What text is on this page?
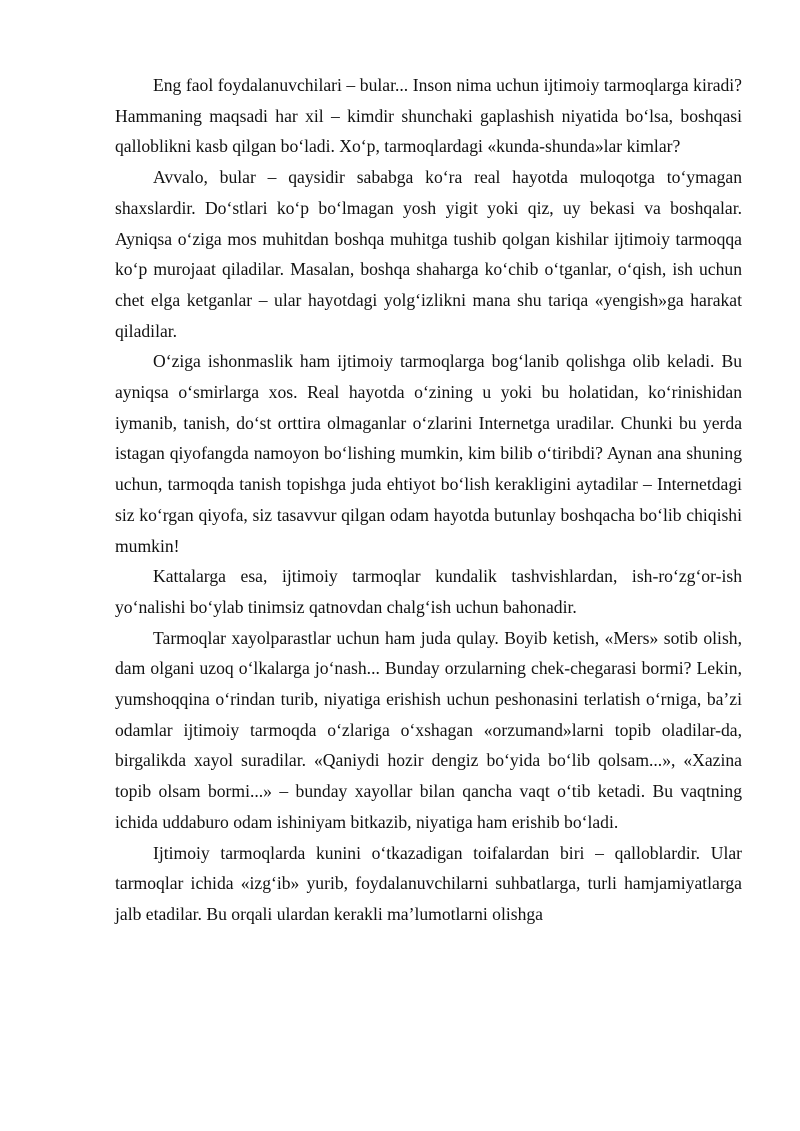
Eng faol foydalanuvchilari – bular... Inson nima uchun ijtimoiy tarmoqlarga kiradi? Hammaning maqsadi har xil – kimdir shunchaki gaplashish niyatida bo‘lsa, boshqasi qalloblikni kasb qilgan bo‘ladi. Xo‘p, tarmoqlardagi «kunda-shunda»lar kimlar?

Avvalo, bular – qaysidir sababga ko‘ra real hayotda muloqotga to‘ymagan shaxslardir. Do‘stlari ko‘p bo‘lmagan yosh yigit yoki qiz, uy bekasi va boshqalar. Ayniqsa o‘ziga mos muhitdan boshqa muhitga tushib qolgan kishilar ijtimoiy tarmoqqa ko‘p murojaat qiladilar. Masalan, boshqa shaharga ko‘chib o‘tganlar, o‘qish, ish uchun chet elga ketganlar – ular hayotdagi yolg‘izlikni mana shu tariqa «yengish»ga harakat qiladilar.

O‘ziga ishonmaslik ham ijtimoiy tarmoqlarga bog‘lanib qolishga olib keladi. Bu ayniqsa o‘smirlarga xos. Real hayotda o‘zining u yoki bu holatidan, ko‘rinishidan iymanib, tanish, do‘st orttira olmaganlar o‘zlarini Internetga uradilar. Chunki bu yerda istagan qiyofangda namoyon bo‘lishing mumkin, kim bilib o‘tiribdi? Aynan ana shuning uchun, tarmoqda tanish topishga juda ehtiyot bo‘lish kerakligini aytadilar – Internetdagi siz ko‘rgan qiyofa, siz tasavvur qilgan odam hayotda butunlay boshqacha bo‘lib chiqishi mumkin!

Kattalarga esa, ijtimoiy tarmoqlar kundalik tashvishlardan, ish-ro‘zg‘or-ish yo‘nalishi bo‘ylab tinimsiz qatnovdan chalg‘ish uchun bahonadir.

Tarmoqlar xayolparastlar uchun ham juda qulay. Boyib ketish, «Mers» sotib olish, dam olgani uzoq o‘lkalarga jo‘nash... Bunday orzularning chek-chegarasi bormi? Lekin, yumshoqqina o‘rindan turib, niyatiga erishish uchun peshonasini terlatish o‘rniga, ba’zi odamlar ijtimoiy tarmoqda o‘zlariga o‘xshagan «orzumand»larni topib oladilar-da, birgalikda xayol suradilar. «Qaniydi hozir dengiz bo‘yida bo‘lib qolsam...», «Xazina topib olsam bormi...» – bunday xayollar bilan qancha vaqt o‘tib ketadi. Bu vaqtning ichida uddaburo odam ishiniyam bitkazib, niyatiga ham erishib bo‘ladi.

Ijtimoiy tarmoqlarda kunini o‘tkazadigan toifalardan biri – qalloblardir. Ular tarmoqlar ichida «izg‘ib» yurib, foydalanuvchilarni suhbatlarga, turli hamjamiyatlarga jalb etadilar. Bu orqali ulardan kerakli ma’lumotlarni olishga
